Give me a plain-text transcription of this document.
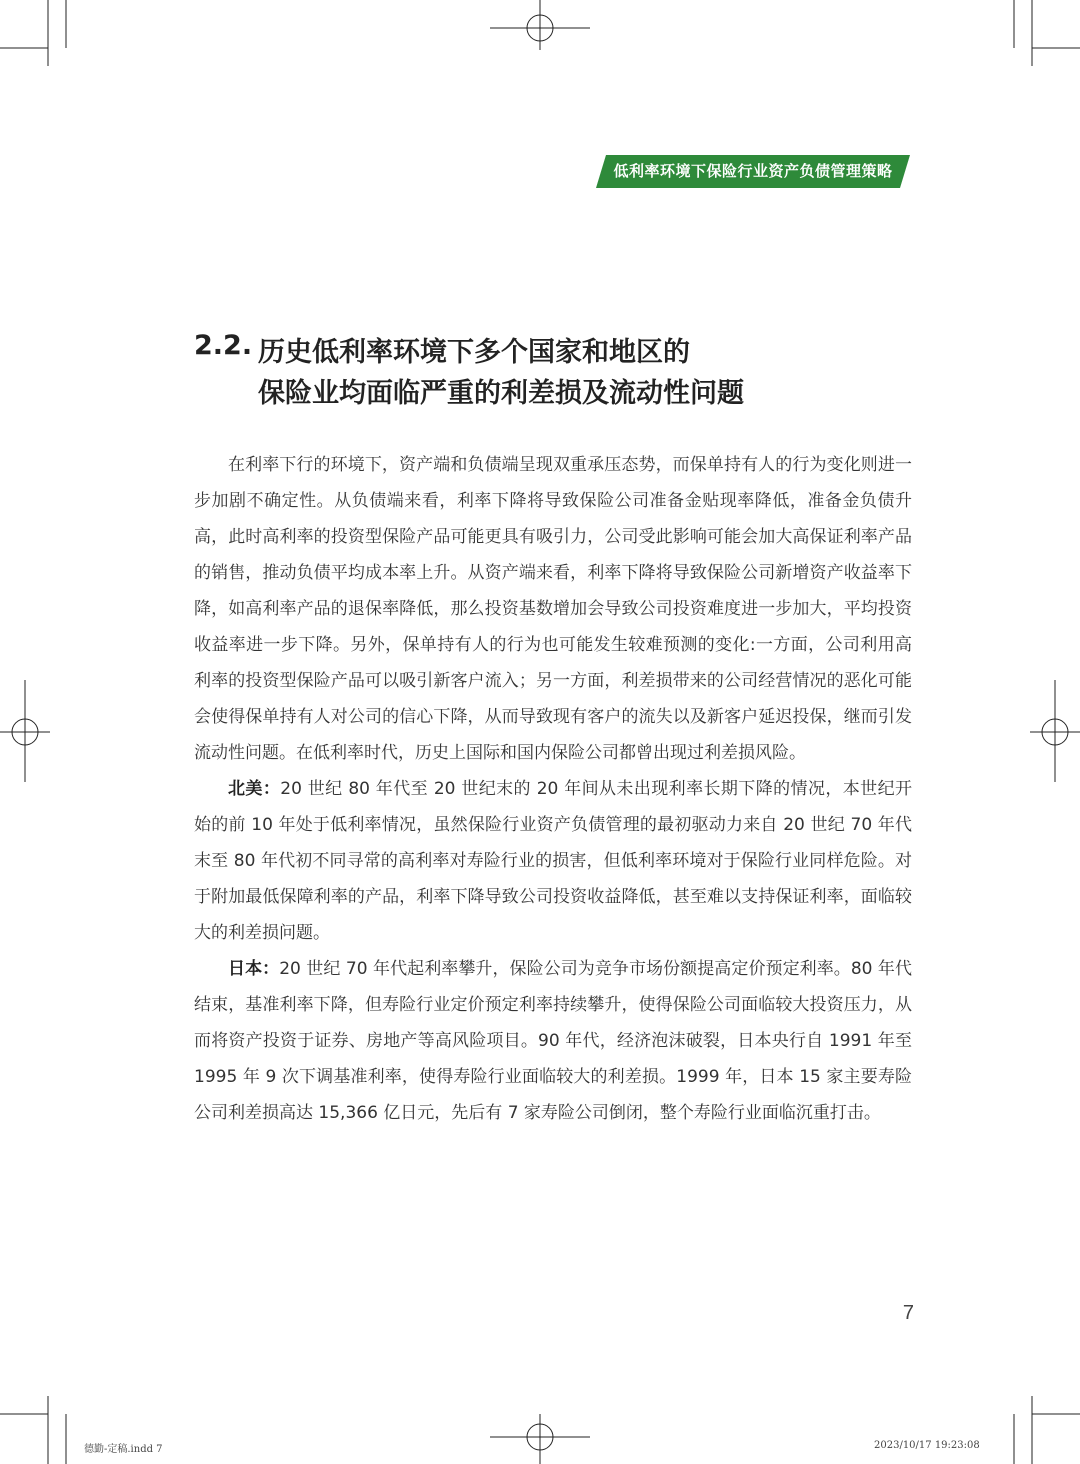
低利率环境下保险行业资产负债管理策略
2.2. 历史低利率环境下多个国家和地区的
保险业均面临严重的利差损及流动性问题

在利率下行的环境下，资产端和负债端呈现双重承压态势，而保单持有人的行为变化则进一步加剧不确定性。从负债端来看，利率下降将导致保险公司准备金贴现率降低，准备金负债升高，此时高利率的投资型保险产品可能更具有吸引力，公司受此影响可能会加大高保证利率产品的销售，推动负债平均成本率上升。从资产端来看，利率下降将导致保险公司新增资产收益率下降，如高利率产品的退保率降低，那么投资基数增加会导致公司投资难度进一步加大，平均投资收益率进一步下降。另外，保单持有人的行为也可能发生较难预测的变化:一方面，公司利用高利率的投资型保险产品可以吸引新客户流入；另一方面，利差损带来的公司经营情况的恶化可能会使得保单持有人对公司的信心下降，从而导致现有客户的流失以及新客户延迟投保，继而引发流动性问题。在低利率时代，历史上国际和国内保险公司都曾出现过利差损风险。

北美：20 世纪 80 年代至 20 世纪末的 20 年间从未出现利率长期下降的情况，本世纪开始的前 10 年处于低利率情况，虽然保险行业资产负债管理的最初驱动力来自 20 世纪 70 年代末至 80 年代初不同寻常的高利率对寿险行业的损害，但低利率环境对于保险行业同样危险。对于附加最低保障利率的产品，利率下降导致公司投资收益降低，甚至难以支持保证利率，面临较大的利差损问题。

日本：20 世纪 70 年代起利率攀升，保险公司为竞争市场份额提高定价预定利率。80 年代结束，基准利率下降，但寿险行业定价预定利率持续攀升，使得保险公司面临较大投资压力，从而将资产投资于证券、房地产等高风险项目。90 年代，经济泡沫破裂，日本央行自 1991 年至 1995 年 9 次下调基准利率，使得寿险行业面临较大的利差损。1999 年，日本 15 家主要寿险公司利差损高达 15,366 亿日元，先后有 7 家寿险公司倒闭，整个寿险行业面临沉重打击。

7
德勤-定稿.indd 7	2023/10/17 19:23:08
